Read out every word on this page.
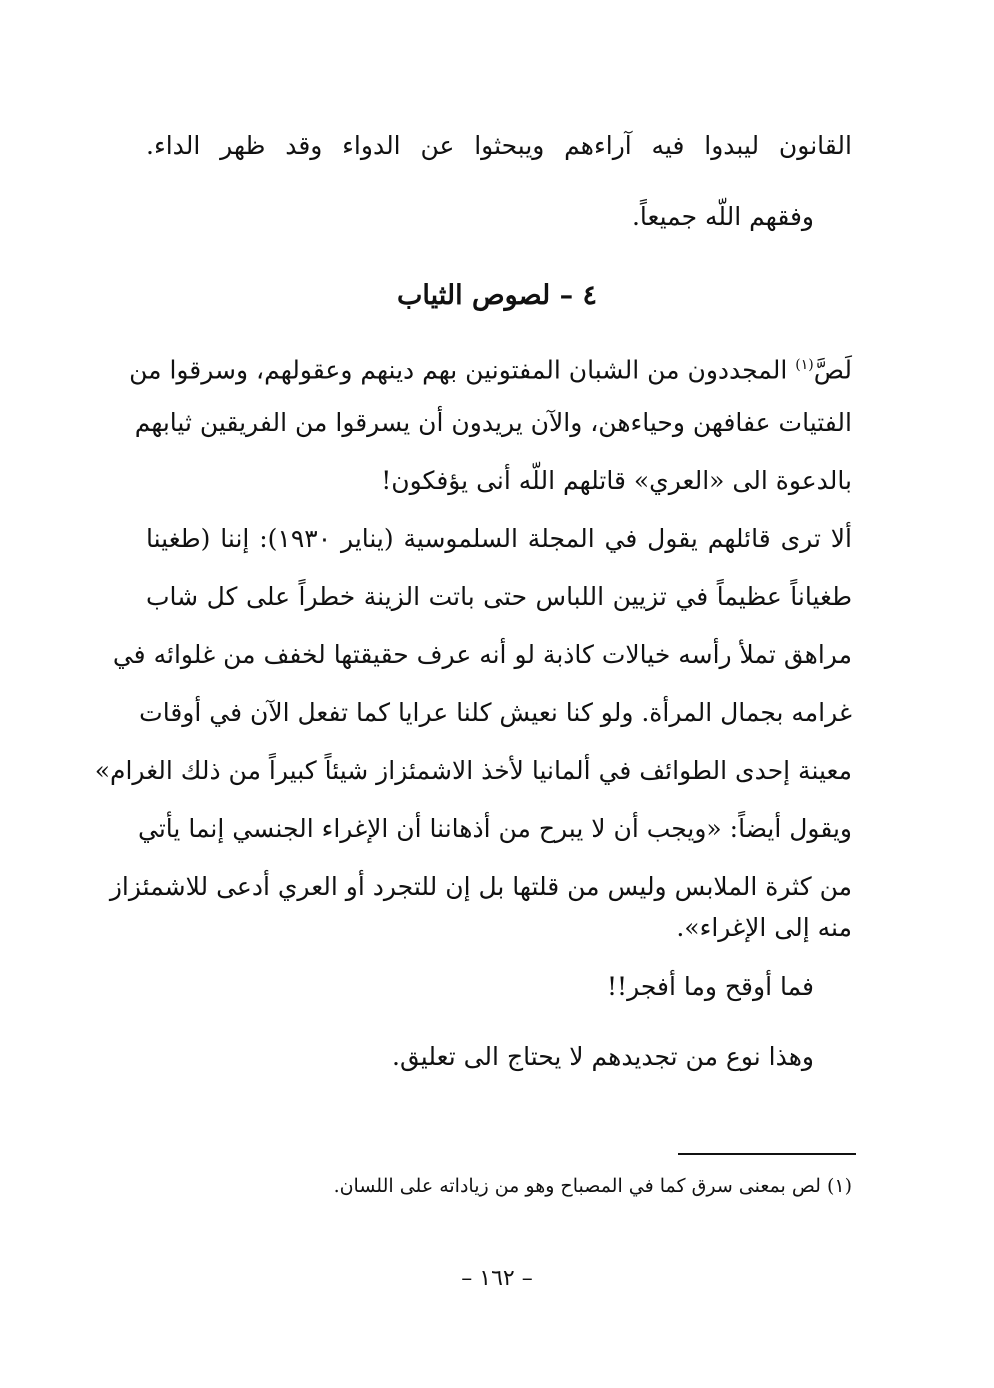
القانون ليبدوا فيه آراءهم ويبحثوا عن الدواء وقد ظهر الداء.
وفقهم اللّه جميعاً.
٤ – لصوص الثياب
لَصَّ$^{(١)}$ المجددون من الشبان المفتونين بهم دينهم وعقولهم، وسرقوا من
الفتيات عفافهن وحياءهن، والآن يريدون أن يسرقوا من الفريقين ثيابهم
بالدعوة الى «العري» قاتلهم اللّه أنى يؤفكون!
ألا ترى قائلهم يقول في المجلة السلموسية (يناير ١٩٣٠): إننا (طغينا
طغياناً عظيماً في تزيين اللباس حتى باتت الزينة خطراً على كل شاب
مراهق تملأ رأسه خيالات كاذبة لو أنه عرف حقيقتها لخفف من غلوائه في
غرامه بجمال المرأة. ولو كنا نعيش كلنا عرايا كما تفعل الآن في أوقات
معينة إحدى الطوائف في ألمانيا لأخذ الاشمئزاز شيئاً كبيراً من ذلك الغرام»
ويقول أيضاً: «ويجب أن لا يبرح من أذهاننا أن الإغراء الجنسي إنما يأتي
من كثرة الملابس وليس من قلتها بل إن للتجرد أو العري أدعى للاشمئزاز
منه إلى الإغراء».
فما أوقح وما أفجر!!
وهذا نوع من تجديدهم لا يحتاج الى تعليق.
(١) لص بمعنى سرق كما في المصباح وهو من زياداته على اللسان.
– ١٦٢ –
